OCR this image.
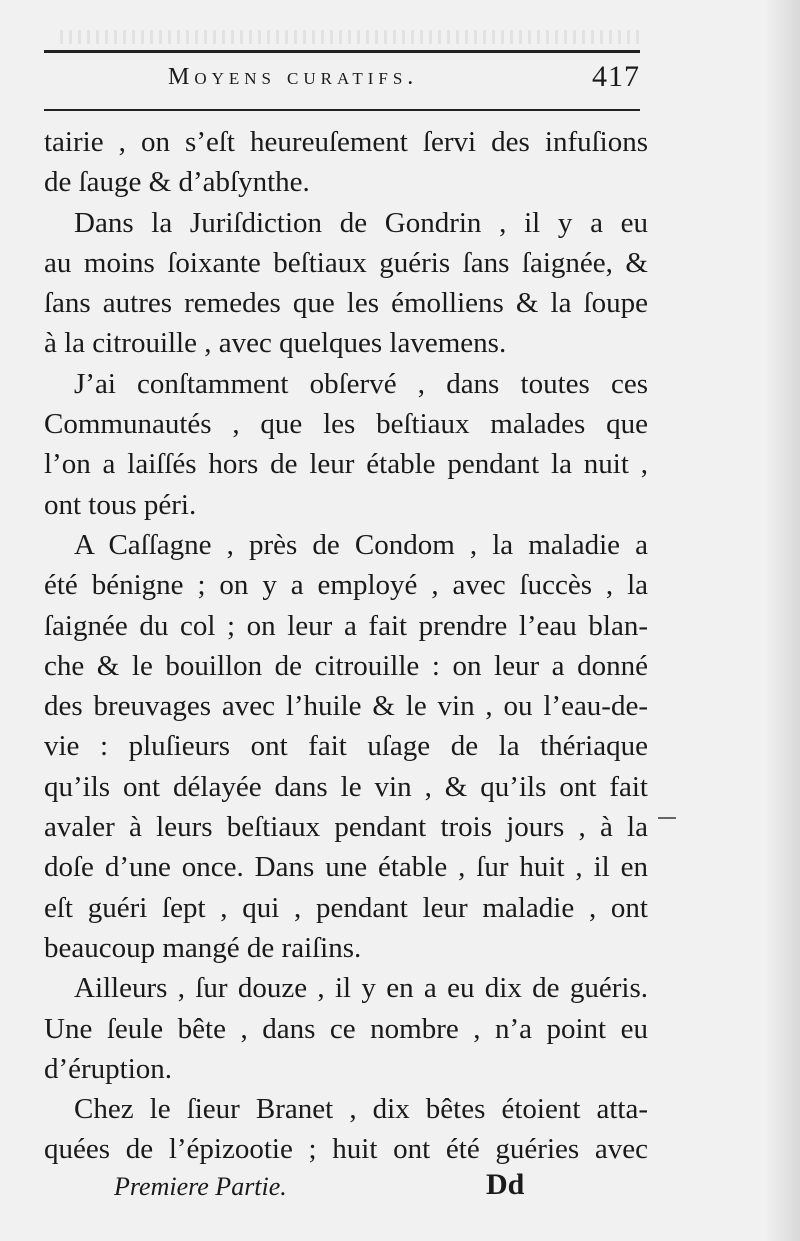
Moyens curatifs.	417
tairie , on s’eſt heureuſement ſervi des infuſions
de ſauge & d’abſynthe.
Dans la Juriſdiction de Gondrin , il y a eu
au moins ſoixante beſtiaux guéris ſans ſaignée, &
ſans autres remedes que les émolliens & la ſoupe
à la citrouille , avec quelques lavemens.
J’ai conſtamment obſervé , dans toutes ces
Communautés , que les beſtiaux malades que
l’on a laiſſés hors de leur étable pendant la nuit ,
ont tous péri.
A Caſſagne , près de Condom , la maladie a
été bénigne ; on y a employé , avec ſuccès , la
ſaignée du col ; on leur a fait prendre l’eau blan-
che & le bouillon de citrouille : on leur a donné
des breuvages avec l’huile & le vin , ou l’eau-de-
vie : pluſieurs ont fait uſage de la thériaque
qu’ils ont délayée dans le vin , & qu’ils ont fait
avaler à leurs beſtiaux pendant trois jours , à la
doſe d’une once. Dans une étable , ſur huit , il en
eſt guéri ſept , qui , pendant leur maladie , ont
beaucoup mangé de raiſins.
Ailleurs , ſur douze , il y en a eu dix de guéris.
Une ſeule bête , dans ce nombre , n’a point eu
d’éruption.
Chez le ſieur Branet , dix bêtes étoient atta-
quées de l’épizootie ; huit ont été guéries avec
Premiere Partie.	Dd
